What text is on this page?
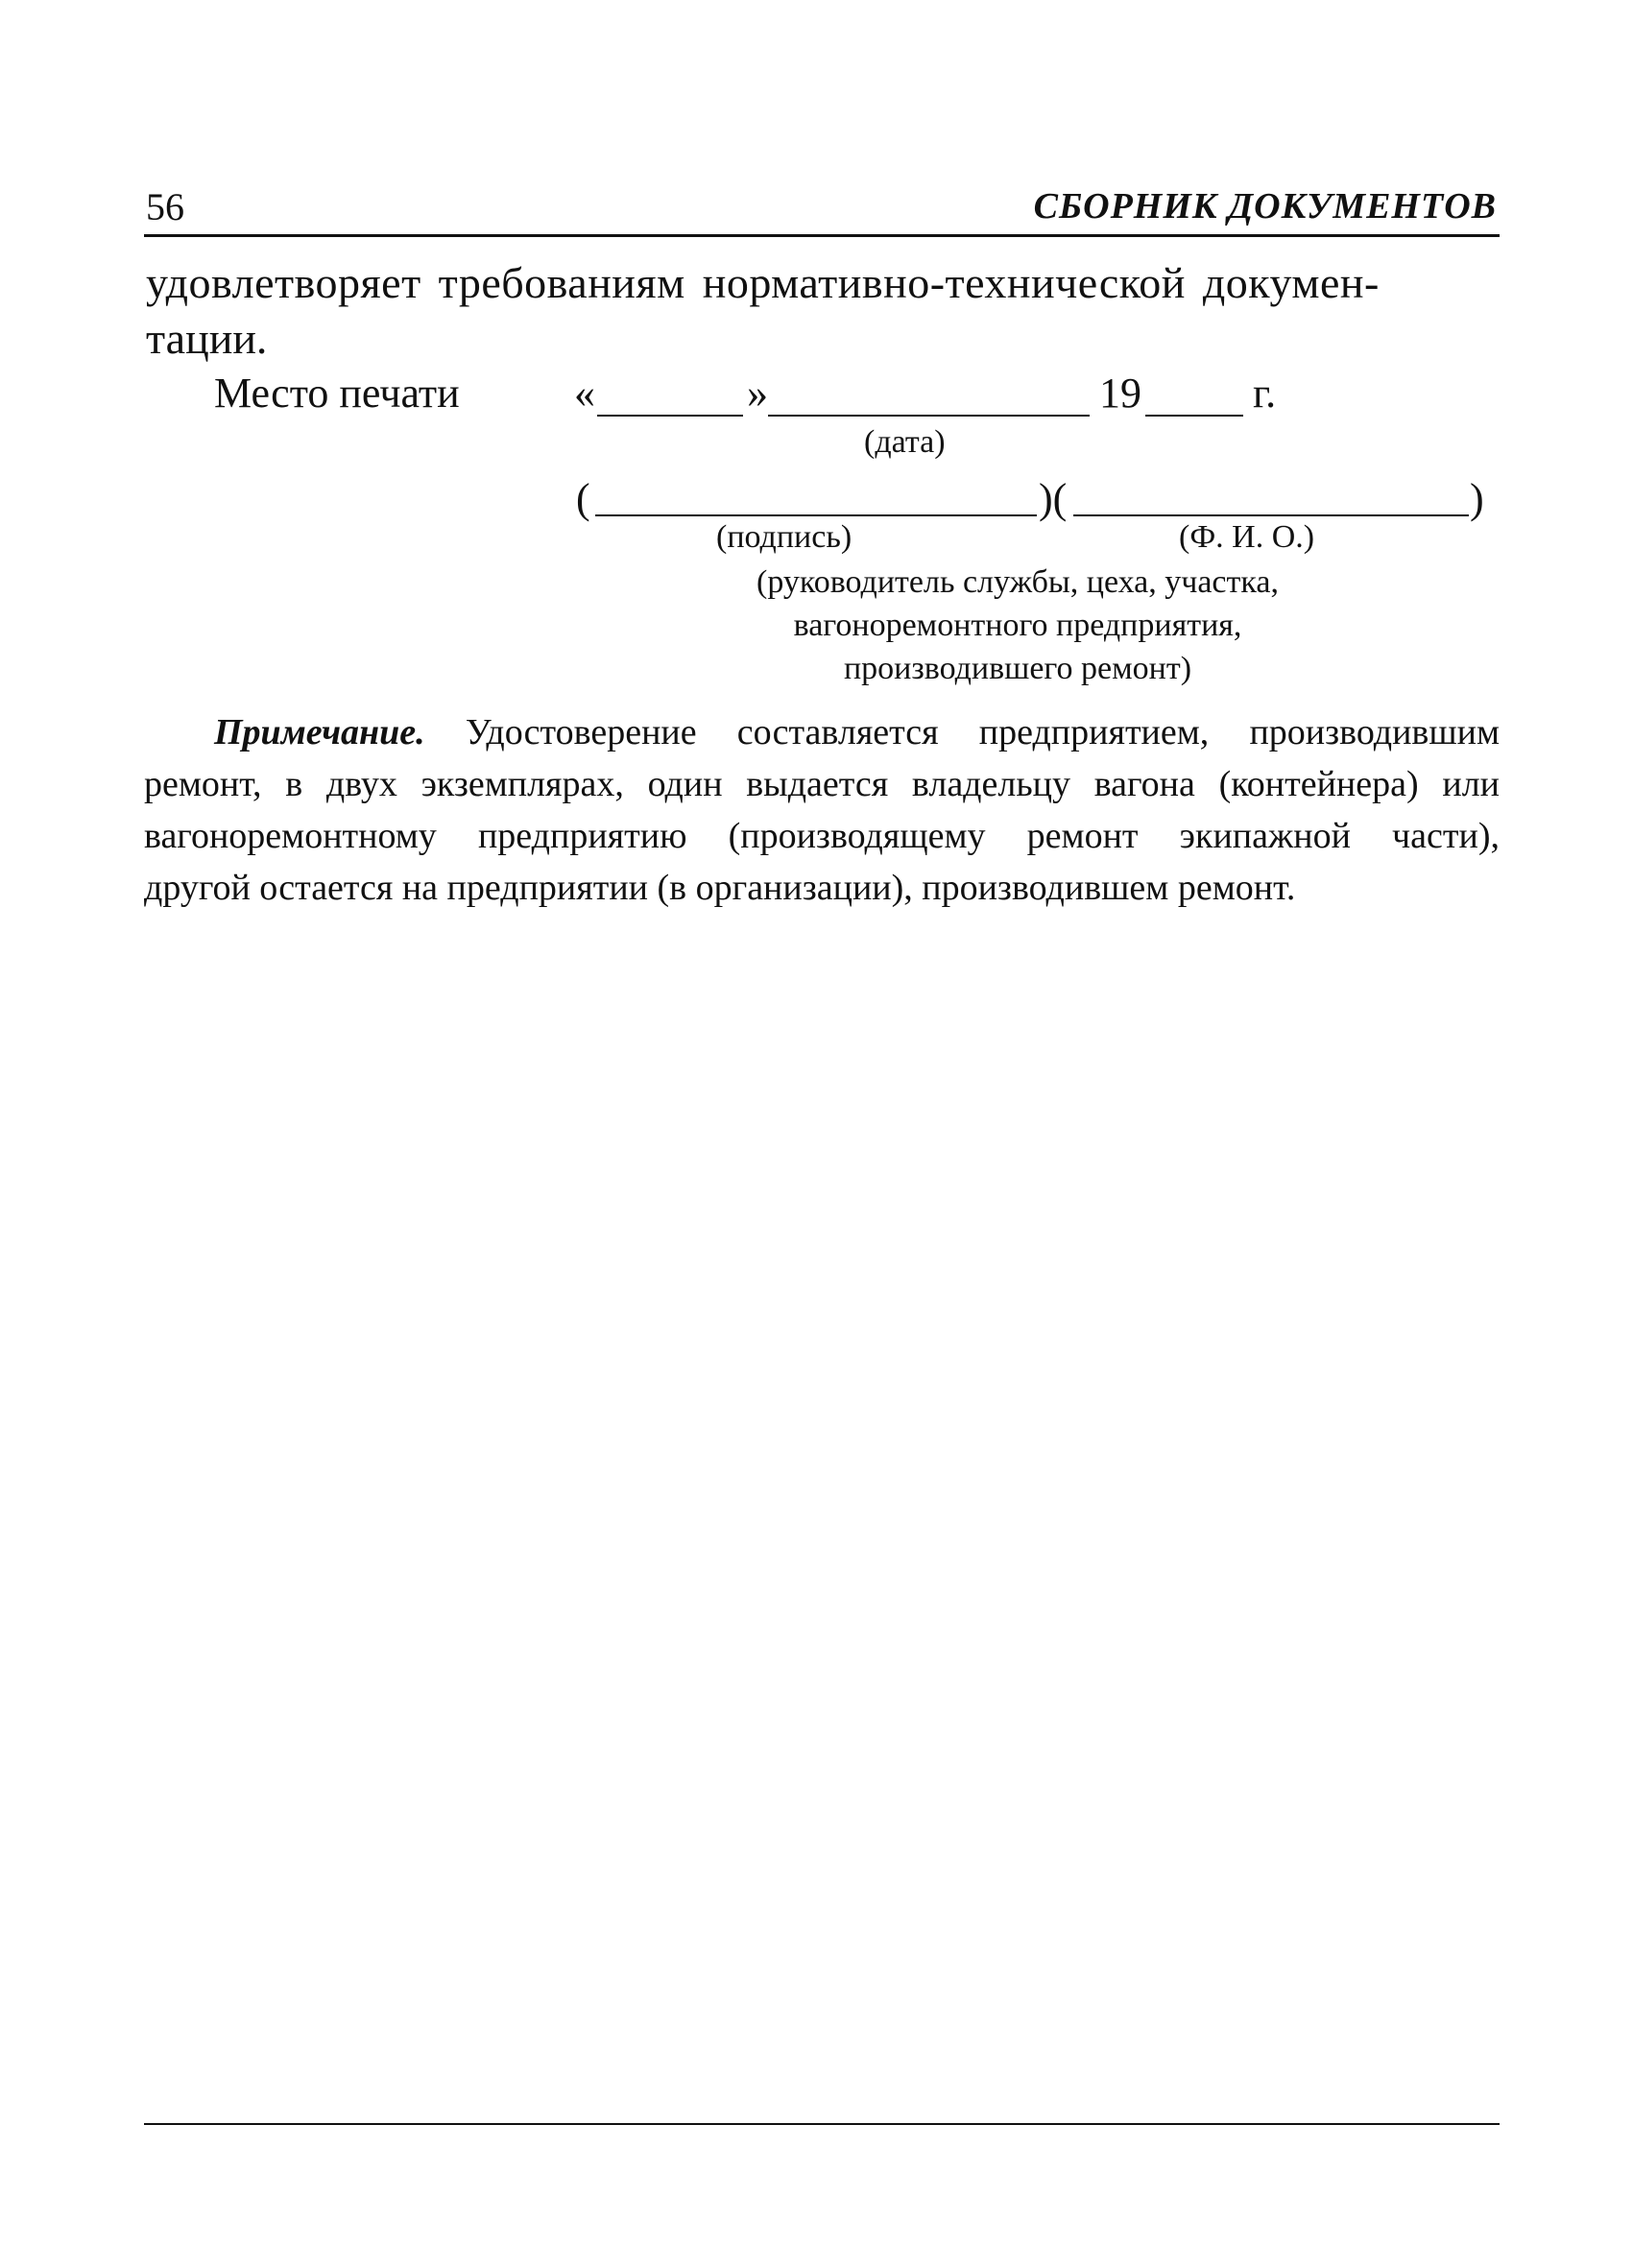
56	СБОРНИК ДОКУМЕНТОВ
удовлетворяет требованиям нормативно-технической докумен-
тации.
Место печати	«	»	19	г.
(дата)
(	)(	)
(подпись)	(Ф. И. О.)
(руководитель службы, цеха, участка,
вагоноремонтного предприятия,
производившего ремонт)
Примечание. Удостоверение составляется предприятием, производившим
ремонт, в двух экземплярах, один выдается владельцу вагона (контейнера) или
вагоноремонтному предприятию (производящему ремонт экипажной части),
другой остается на предприятии (в организации), производившем ремонт.
